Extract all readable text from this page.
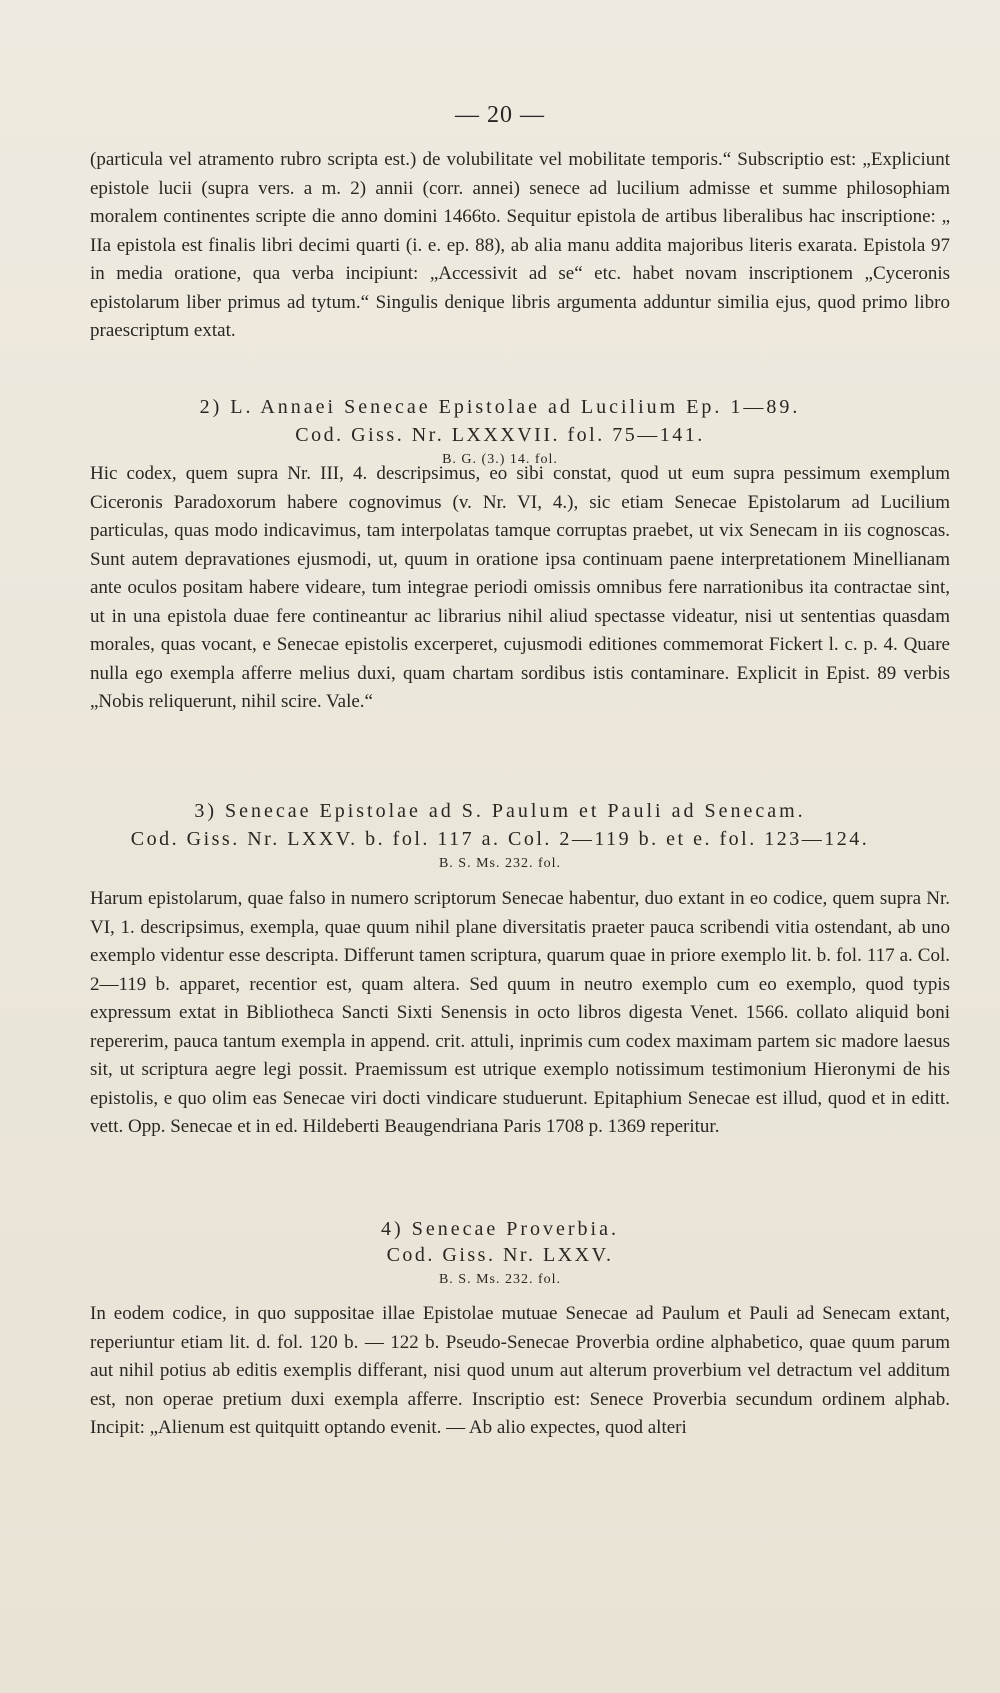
— 20 —

(particula vel atramento rubro scripta est.) de volubilitate vel mobilitate temporis.“ Subscriptio est: „Expliciunt epistole lucii (supra vers. a m. 2) annii (corr. annei) senece ad lucilium admisse et summe philosophiam moralem continentes scripte die anno domini 1466to. Sequitur epistola de artibus liberalibus hac inscriptione: „ IIa epistola est finalis libri decimi quarti (i. e. ep. 88), ab alia manu addita majoribus literis exarata. Epistola 97 in media oratione, qua verba incipiunt: „Accessivit ad se“ etc. habet novam inscriptionem „Cyceronis epistolarum liber primus ad tytum.“ Singulis denique libris argumenta adduntur similia ejus, quod primo libro praescriptum extat.

2) L. Annaei Senecae Epistolae ad Lucilium Ep. 1—89.

Cod. Giss. Nr. LXXXVII. fol. 75—141.

B. G. (3.) 14. fol.

Hic codex, quem supra Nr. III, 4. descripsimus, eo sibi constat, quod ut eum supra pessimum exemplum Ciceronis Paradoxorum habere cognovimus (v. Nr. VI, 4.), sic etiam Senecae Epistolarum ad Lucilium particulas, quas modo indicavimus, tam interpolatas tamque corruptas praebet, ut vix Senecam in iis cognoscas. Sunt autem depravationes ejusmodi, ut, quum in oratione ipsa continuam paene interpretationem Minellianam ante oculos positam habere videare, tum integrae periodi omissis omnibus fere narrationibus ita contractae sint, ut in una epistola duae fere contineantur ac librarius nihil aliud spectasse videatur, nisi ut sententias quasdam morales, quas vocant, e Senecae epistolis excerperet, cujusmodi editiones commemorat Fickert l. c. p. 4. Quare nulla ego exempla afferre melius duxi, quam chartam sordibus istis contaminare. Explicit in Epist. 89 verbis „Nobis reliquerunt, nihil scire. Vale.“

3) Senecae Epistolae ad S. Paulum et Pauli ad Senecam.

Cod. Giss. Nr. LXXV. b. fol. 117 a. Col. 2—119 b. et e. fol. 123—124.

B. S. Ms. 232. fol.

Harum epistolarum, quae falso in numero scriptorum Senecae habentur, duo extant in eo codice, quem supra Nr. VI, 1. descripsimus, exempla, quae quum nihil plane diversitatis praeter pauca scribendi vitia ostendant, ab uno exemplo videntur esse descripta. Differunt tamen scriptura, quarum quae in priore exemplo lit. b. fol. 117 a. Col. 2—119 b. apparet, recentior est, quam altera. Sed quum in neutro exemplo cum eo exemplo, quod typis expressum extat in Bibliotheca Sancti Sixti Senensis in octo libros digesta Venet. 1566. collato aliquid boni repererim, pauca tantum exempla in append. crit. attuli, inprimis cum codex maximam partem sic madore laesus sit, ut scriptura aegre legi possit. Praemissum est utrique exemplo notissimum testimonium Hieronymi de his epistolis, e quo olim eas Senecae viri docti vindicare studuerunt. Epitaphium Senecae est illud, quod et in editt. vett. Opp. Senecae et in ed. Hildeberti Beaugendriana Paris 1708 p. 1369 reperitur.

4) Senecae Proverbia.

Cod. Giss. Nr. LXXV.

B. S. Ms. 232. fol.

In eodem codice, in quo suppositae illae Epistolae mutuae Senecae ad Paulum et Pauli ad Senecam extant, reperiuntur etiam lit. d. fol. 120 b. — 122 b. Pseudo-Senecae Proverbia ordine alphabetico, quae quum parum aut nihil potius ab editis exemplis differant, nisi quod unum aut alterum proverbium vel detractum vel additum est, non operae pretium duxi exempla afferre. Inscriptio est: Senece Proverbia secundum ordinem alphab. Incipit: „Alienum est quitquitt optando evenit. — Ab alio expectes, quod alteri
